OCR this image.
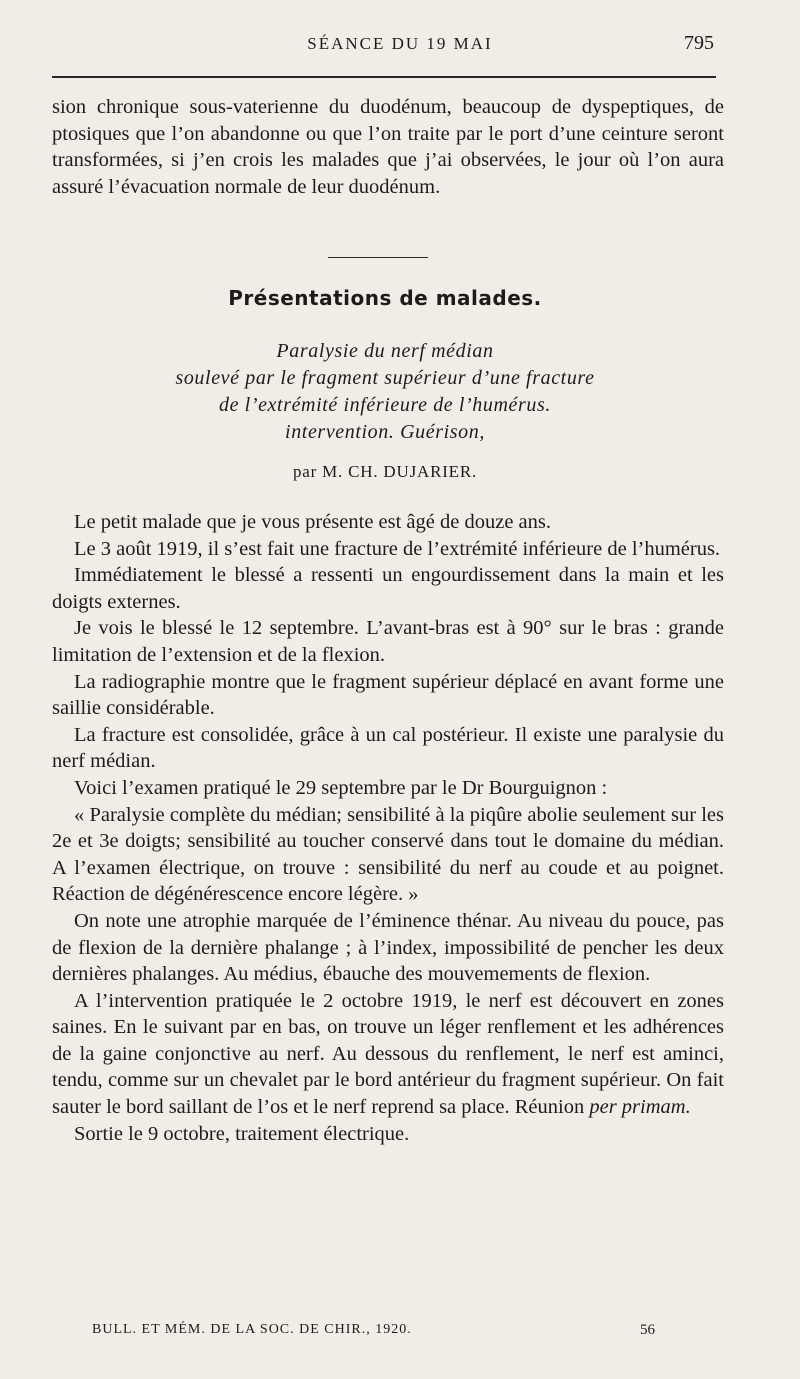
SÉANCE DU 19 MAI	795

sion chronique sous-vaterienne du duodénum, beaucoup de dyspeptiques, de ptosiques que l’on abandonne ou que l’on traite par le port d’une ceinture seront transformées, si j’en crois les malades que j’ai observées, le jour où l’on aura assuré l’évacuation normale de leur duodénum.

Présentations de malades.
Paralysie du nerf médian
soulevé par le fragment supérieur d’une fracture
de l’extrémité inférieure de l’humérus.
intervention. Guérison,
par M. CH. DUJARIER.

Le petit malade que je vous présente est âgé de douze ans.

Le 3 août 1919, il s’est fait une fracture de l’extrémité inférieure de l’humérus.

Immédiatement le blessé a ressenti un engourdissement dans la main et les doigts externes.

Je vois le blessé le 12 septembre. L’avant-bras est à 90° sur le bras : grande limitation de l’extension et de la flexion.

La radiographie montre que le fragment supérieur déplacé en avant forme une saillie considérable.

La fracture est consolidée, grâce à un cal postérieur. Il existe une paralysie du nerf médian.

Voici l’examen pratiqué le 29 septembre par le Dr Bourguignon :

« Paralysie complète du médian; sensibilité à la piqûre abolie seulement sur les 2e et 3e doigts; sensibilité au toucher conservé dans tout le domaine du médian. A l’examen électrique, on trouve : sensibilité du nerf au coude et au poignet. Réaction de dégénérescence encore légère. »

On note une atrophie marquée de l’éminence thénar. Au niveau du pouce, pas de flexion de la dernière phalange ; à l’index, impossibilité de pencher les deux dernières phalanges. Au médius, ébauche des mouvemements de flexion.

A l’intervention pratiquée le 2 octobre 1919, le nerf est découvert en zones saines. En le suivant par en bas, on trouve un léger renflement et les adhérences de la gaine conjonctive au nerf. Au dessous du renflement, le nerf est aminci, tendu, comme sur un chevalet par le bord antérieur du fragment supérieur. On fait sauter le bord saillant de l’os et le nerf reprend sa place. Réunion per primam.

Sortie le 9 octobre, traitement électrique.

BULL. ET MÉM. DE LA SOC. DE CHIR., 1920.	56
